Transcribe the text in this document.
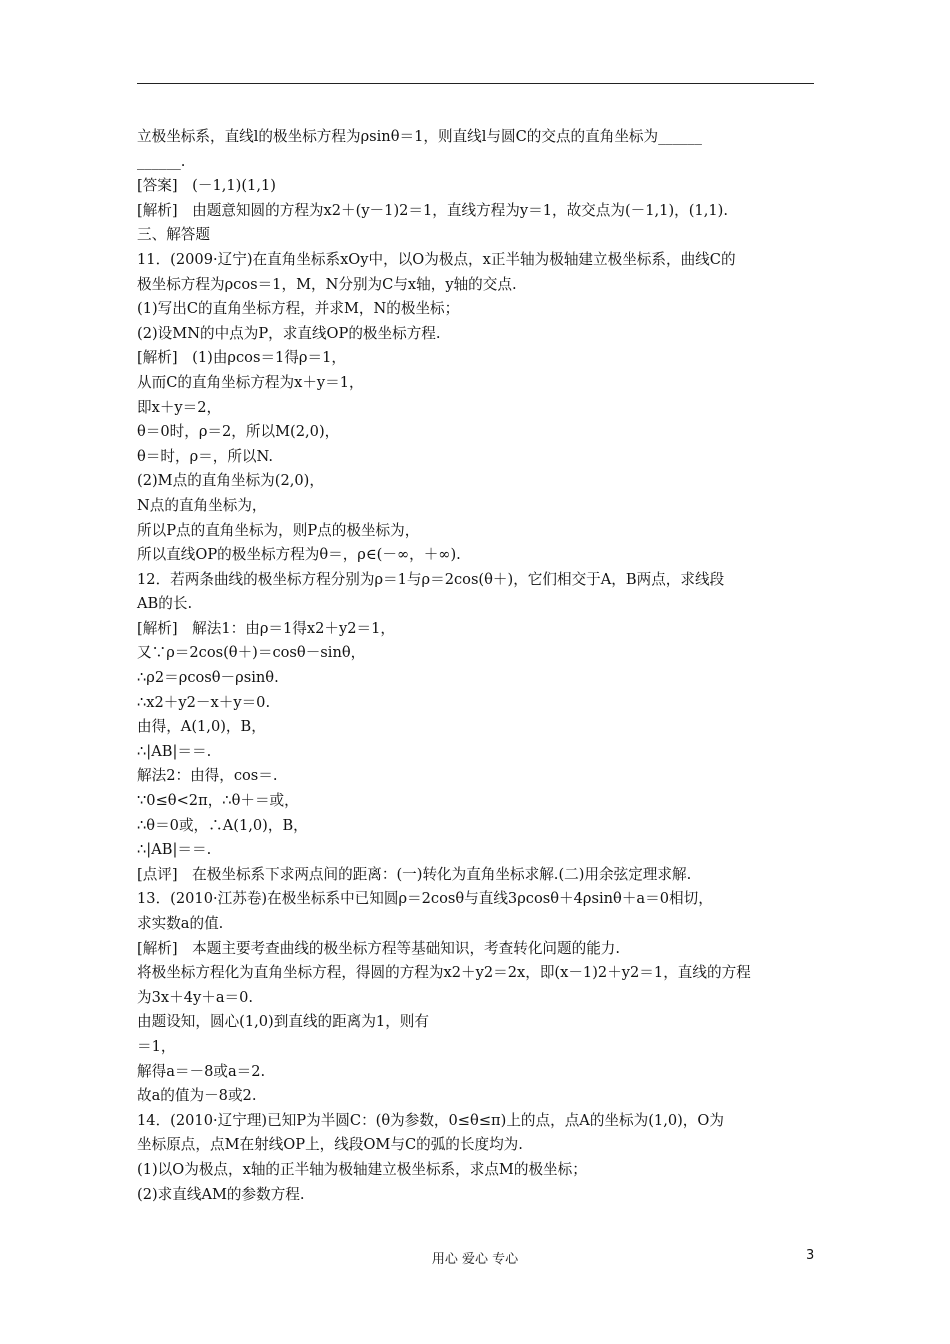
立极坐标系，直线l的极坐标方程为ρsinθ＝1，则直线l与圆C的交点的直角坐标为______
______.
[答案]　(－1,1)(1,1)
[解析]　由题意知圆的方程为x2＋(y－1)2＝1，直线方程为y＝1，故交点为(－1,1)，(1,1).
三、解答题
11．(2009·辽宁)在直角坐标系xOy中，以O为极点，x正半轴为极轴建立极坐标系，曲线C的
极坐标方程为ρcos＝1，M，N分别为C与x轴，y轴的交点.
(1)写出C的直角坐标方程，并求M，N的极坐标；
(2)设MN的中点为P，求直线OP的极坐标方程.
[解析]　(1)由ρcos＝1得ρ＝1，
从而C的直角坐标方程为x＋y＝1，
即x＋y＝2，
θ＝0时，ρ＝2，所以M(2,0)，
θ＝时，ρ＝，所以N.
(2)M点的直角坐标为(2,0)，
N点的直角坐标为，
所以P点的直角坐标为，则P点的极坐标为，
所以直线OP的极坐标方程为θ＝，ρ∈(－∞，＋∞).
12．若两条曲线的极坐标方程分别为ρ＝1与ρ＝2cos(θ＋)，它们相交于A，B两点，求线段
AB的长.
[解析]　解法1：由ρ＝1得x2＋y2＝1，
又∵ρ＝2cos(θ＋)＝cosθ－sinθ，
∴ρ2＝ρcosθ－ρsinθ.
∴x2＋y2－x＋y＝0.
由得，A(1,0)，B，
∴|AB|＝＝.
解法2：由得，cos＝.
∵0≤θ<2π，∴θ＋＝或，
∴θ＝0或，∴A(1,0)，B，
∴|AB|＝＝.
[点评]　在极坐标系下求两点间的距离：(一)转化为直角坐标求解.(二)用余弦定理求解.
13．(2010·江苏卷)在极坐标系中已知圆ρ＝2cosθ与直线3ρcosθ＋4ρsinθ＋a＝0相切，
求实数a的值.
[解析]　本题主要考查曲线的极坐标方程等基础知识，考查转化问题的能力.
将极坐标方程化为直角坐标方程，得圆的方程为x2＋y2＝2x，即(x－1)2＋y2＝1，直线的方程
为3x＋4y＋a＝0.
由题设知，圆心(1,0)到直线的距离为1，则有
＝1，
解得a＝－8或a＝2.
故a的值为－8或2.
14．(2010·辽宁理)已知P为半圆C：(θ为参数，0≤θ≤π)上的点，点A的坐标为(1,0)，O为
坐标原点，点M在射线OP上，线段OM与C的弧的长度均为.
(1)以O为极点，x轴的正半轴为极轴建立极坐标系，求点M的极坐标；
(2)求直线AM的参数方程.
用心 爱心 专心	3
